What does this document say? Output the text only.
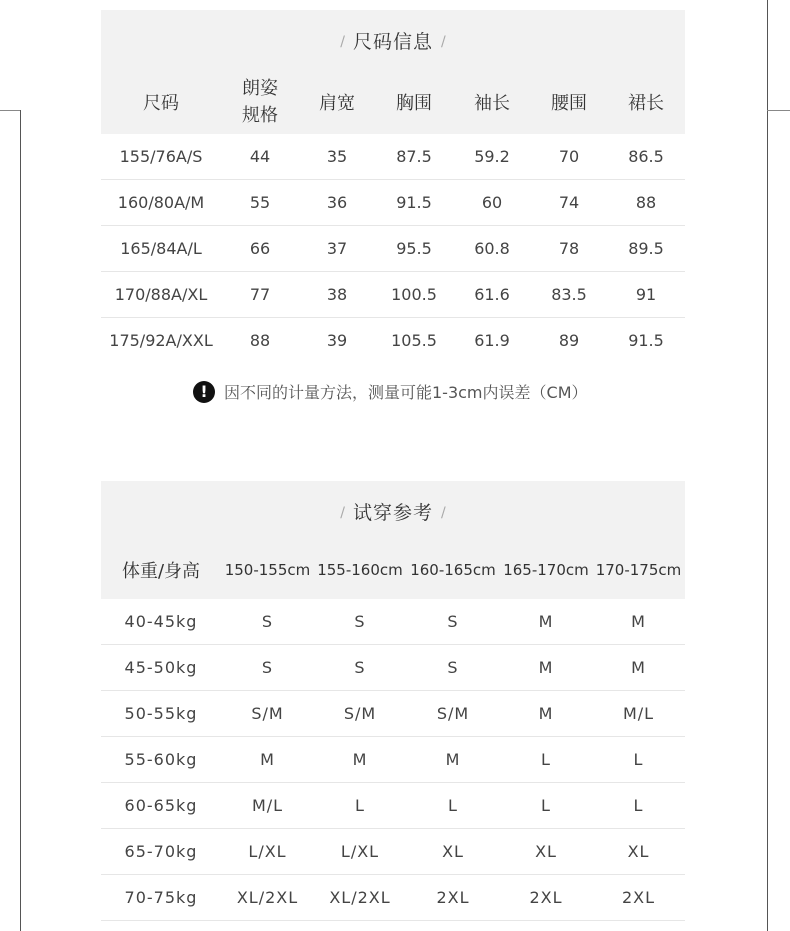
/ 尺码信息 /
尺码	朗姿规格	肩宽	胸围	袖长	腰围	裙长
155/76A/S	44	35	87.5	59.2	70	86.5
160/80A/M	55	36	91.5	60	74	88
165/84A/L	66	37	95.5	60.8	78	89.5
170/88A/XL	77	38	100.5	61.6	83.5	91
175/92A/XXL	88	39	105.5	61.9	89	91.5
!	因不同的计量方法，测量可能1-3cm内误差（CM）
/ 试穿参考 /
体重/身高	150-155cm	155-160cm	160-165cm	165-170cm	170-175cm
40-45kg	S	S	S	M	M
45-50kg	S	S	S	M	M
50-55kg	S/M	S/M	S/M	M	M/L
55-60kg	M	M	M	L	L
60-65kg	M/L	L	L	L	L
65-70kg	L/XL	L/XL	XL	XL	XL
70-75kg	XL/2XL	XL/2XL	2XL	2XL	2XL
